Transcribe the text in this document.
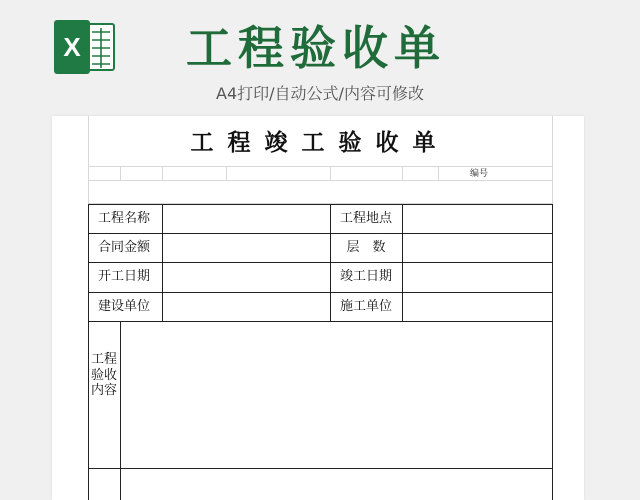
X 工程验收单
A4打印/自动公式/内容可修改
工程竣工验收单
编号
工程名称	工程地点
合同金额	层　数
开工日期	竣工日期
建设单位	施工单位
工程验收内容
